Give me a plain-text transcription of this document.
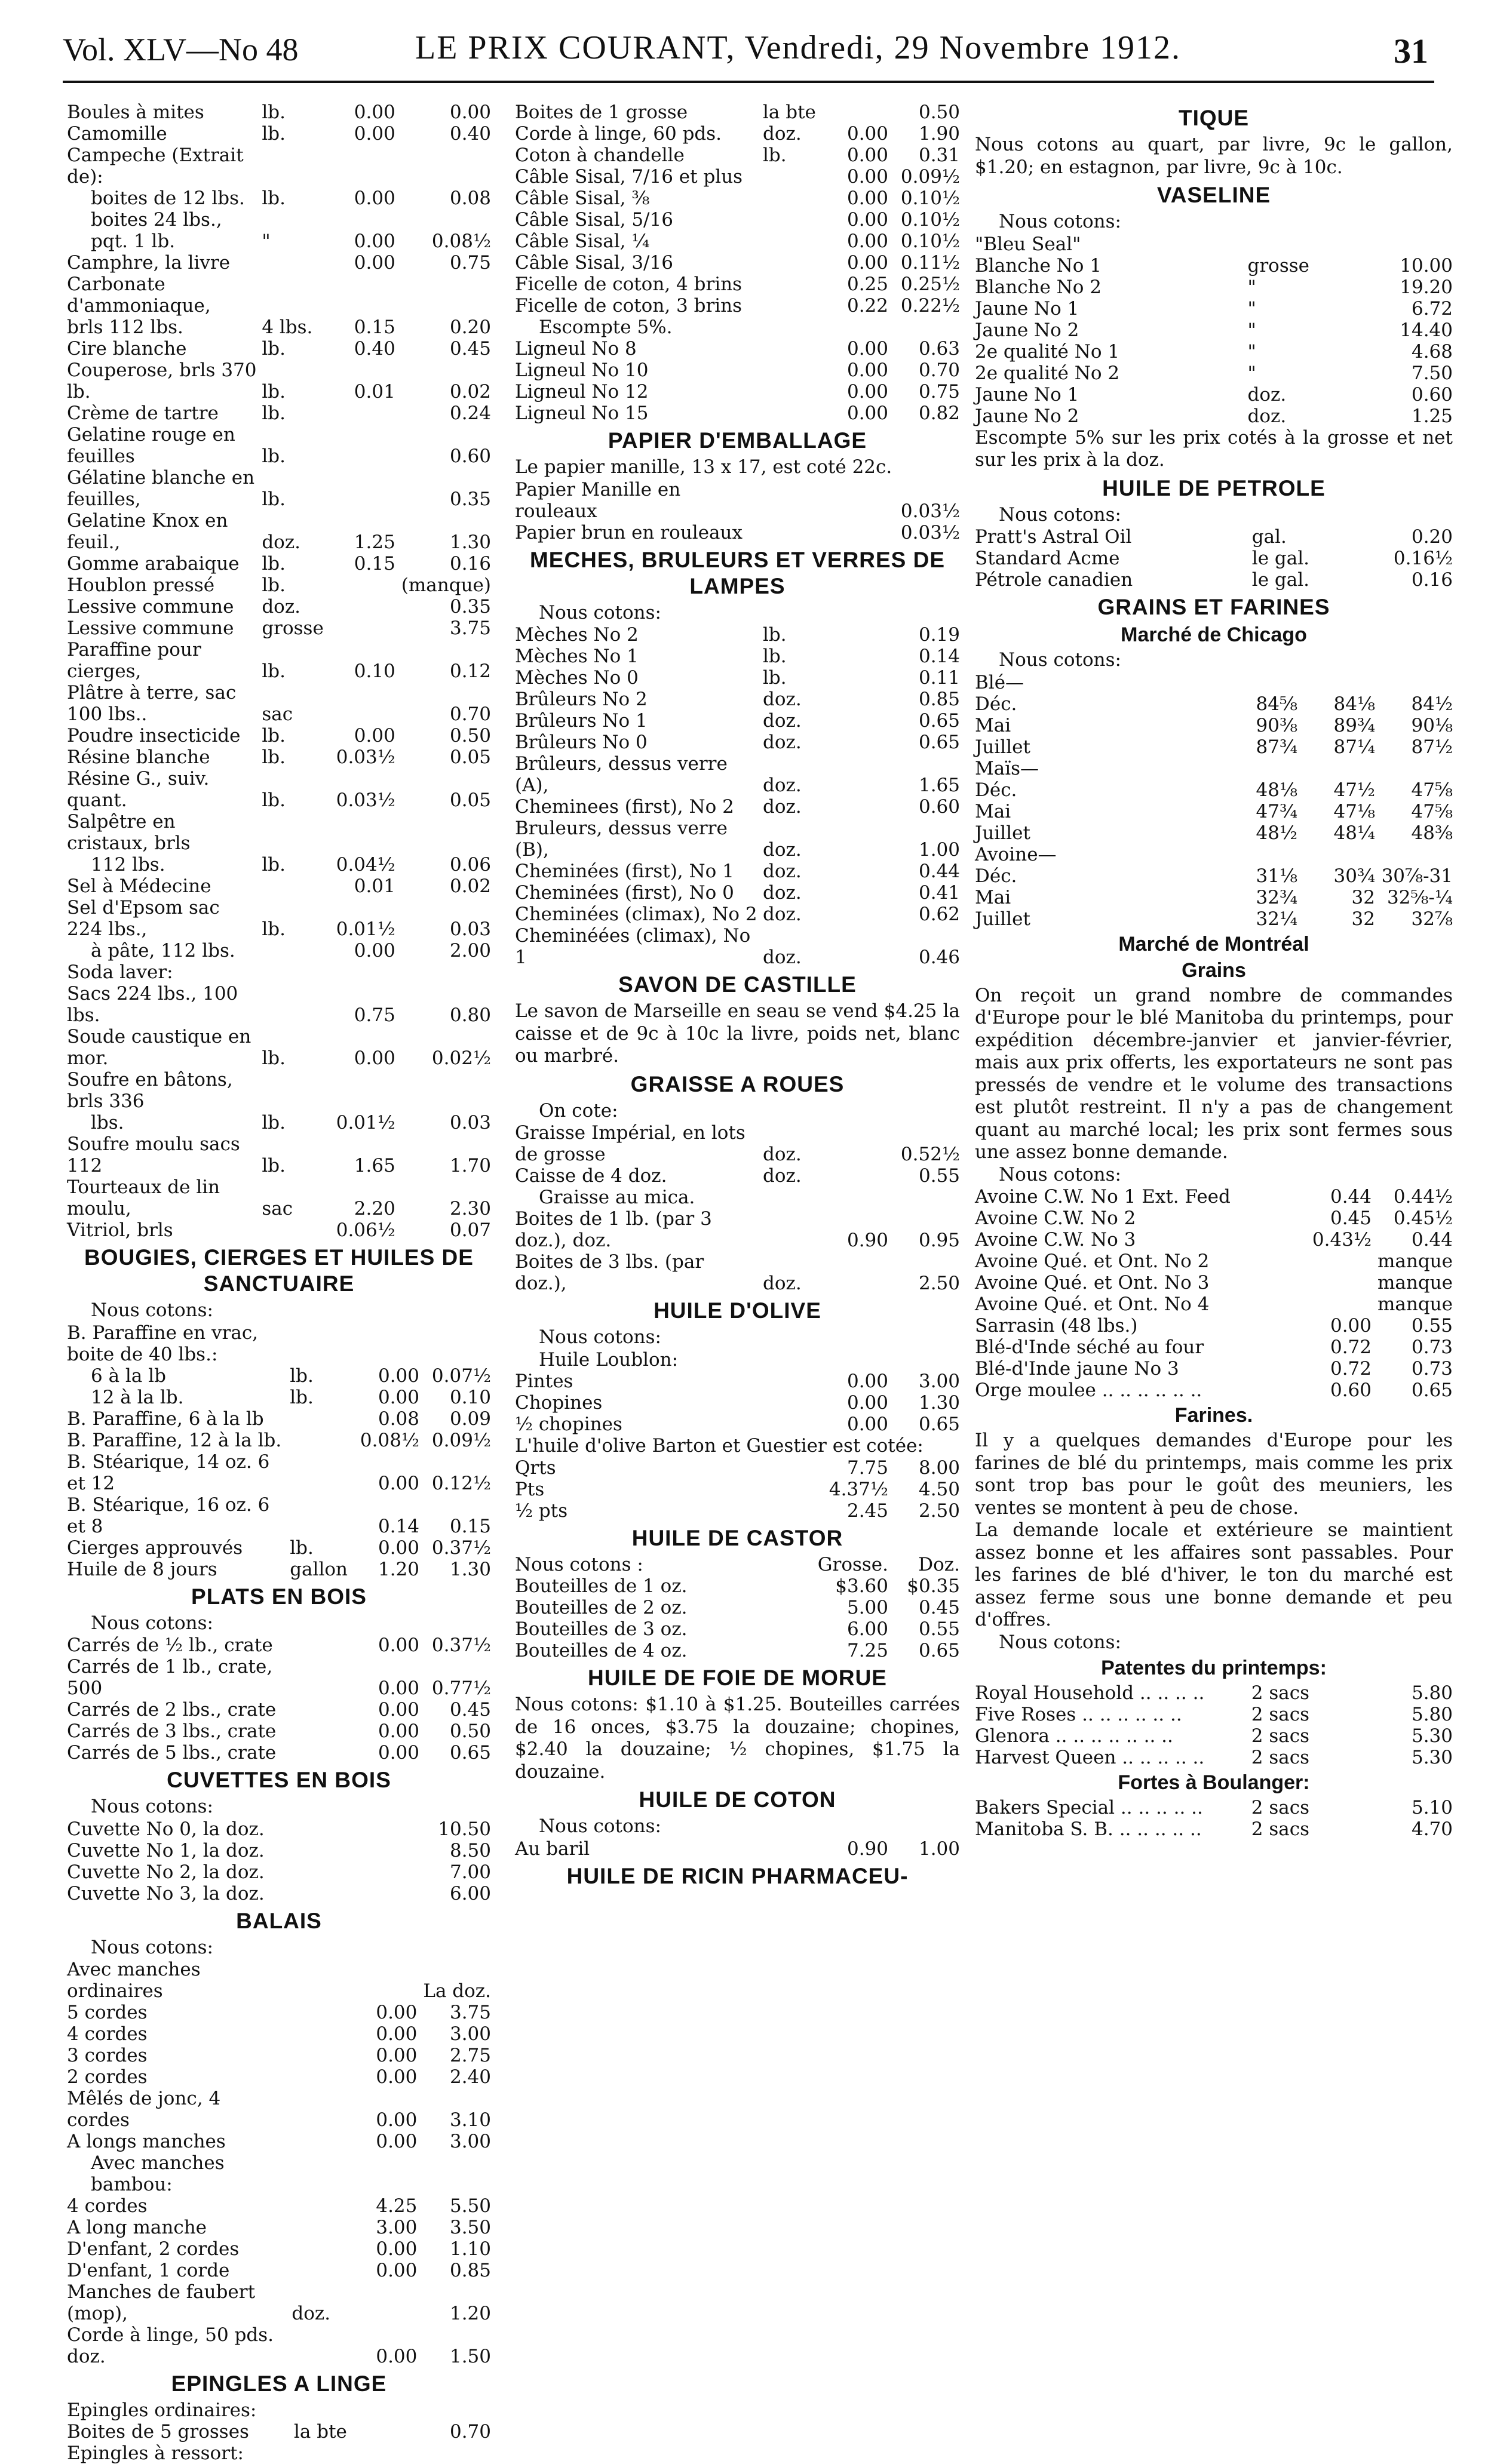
Vol. XLV—No 48	LE PRIX COURANT, Vendredi, 29 Novembre 1912.	31
Boules à mites	lb.	0.00	0.00
Camomille	lb.	0.00	0.40
Campeche (Extrait de):			
boites de 12 lbs.	lb.	0.00	0.08
boites 24 lbs., pqt. 1 lb.	"	0.00	0.08½
Camphre, la livre		0.00	0.75
Carbonate d'ammoniaque,			
brls 112 lbs.	4 lbs.	0.15	0.20
Cire blanche	lb.	0.40	0.45
Couperose, brls 370 lb.	lb.	0.01	0.02
Crème de tartre	lb.		0.24
Gelatine rouge en feuilles	lb.		0.60
Gélatine blanche en feuilles,	lb.		0.35
Gelatine Knox en feuil.,	doz.	1.25	1.30
Gomme arabaique	lb.	0.15	0.16
Houblon pressé	lb.		(manque)
Lessive commune	doz.		0.35
Lessive commune	grosse		3.75
Paraffine pour cierges,	lb.	0.10	0.12
Plâtre à terre, sac 100 lbs..	sac		0.70
Poudre insecticide	lb.	0.00	0.50
Résine blanche	lb.	0.03½	0.05
Résine G., suiv. quant.	lb.	0.03½	0.05
Salpêtre en cristaux, brls			
112 lbs.	lb.	0.04½	0.06
Sel à Médecine		0.01	0.02
Sel d'Epsom sac 224 lbs.,	lb.	0.01½	0.03
à pâte, 112 lbs.		0.00	2.00
Soda laver:			
Sacs 224 lbs., 100 lbs.		0.75	0.80
Soude caustique en mor.	lb.	0.00	0.02½
Soufre en bâtons, brls 336			
lbs.	lb.	0.01½	0.03
Soufre moulu sacs 112	lb.	1.65	1.70
Tourteaux de lin moulu,	sac	2.20	2.30
Vitriol, brls		0.06½	0.07
BOUGIES, CIERGES ET HUILES DE SANCTUAIRE
Nous cotons:
B. Paraffine en vrac, boite de 40 lbs.:			
6 à la lb	lb.	0.00	0.07½
12 à la lb.	lb.	0.00	0.10
B. Paraffine, 6 à la lb		0.08	0.09
B. Paraffine, 12 à la lb.		0.08½	0.09½
B. Stéarique, 14 oz. 6 et 12		0.00	0.12½
B. Stéarique, 16 oz. 6 et 8		0.14	0.15
Cierges approuvés	lb.	0.00	0.37½
Huile de 8 jours	gallon	1.20	1.30
PLATS EN BOIS
Nous cotons:
Carrés de ½ lb., crate		0.00	0.37½
Carrés de 1 lb., crate, 500		0.00	0.77½
Carrés de 2 lbs., crate		0.00	0.45
Carrés de 3 lbs., crate		0.00	0.50
Carrés de 5 lbs., crate		0.00	0.65
CUVETTES EN BOIS
Nous cotons:
Cuvette No 0, la doz.			10.50
Cuvette No 1, la doz.			8.50
Cuvette No 2, la doz.			7.00
Cuvette No 3, la doz.			6.00
BALAIS
Nous cotons:
Avec manches ordinaires			La doz.
5 cordes		0.00	3.75
4 cordes		0.00	3.00
3 cordes		0.00	2.75
2 cordes		0.00	2.40
Mêlés de jonc, 4 cordes		0.00	3.10
A longs manches		0.00	3.00
Avec manches bambou:			
4 cordes		4.25	5.50
A long manche		3.00	3.50
D'enfant, 2 cordes		0.00	1.10
D'enfant, 1 corde		0.00	0.85
Manches de faubert (mop),	doz.		1.20
Corde à linge, 50 pds. doz.		0.00	1.50
EPINGLES A LINGE
Epingles ordinaires:			
Boites de 5 grosses	la bte		0.70
Epingles à ressort:			
Boites de 1 grosse	la bte		0.50
Corde à linge, 60 pds.	doz.	0.00	1.90
Coton à chandelle	lb.	0.00	0.31
Câble Sisal, 7/16 et plus		0.00	0.09½
Câble Sisal, ⅜		0.00	0.10½
Câble Sisal, 5/16		0.00	0.10½
Câble Sisal, ¼		0.00	0.10½
Câble Sisal, 3/16		0.00	0.11½
Ficelle de coton, 4 brins		0.25	0.25½
Ficelle de coton, 3 brins		0.22	0.22½
Escompte 5%.			
Ligneul No 8		0.00	0.63
Ligneul No 10		0.00	0.70
Ligneul No 12		0.00	0.75
Ligneul No 15		0.00	0.82
PAPIER D'EMBALLAGE
Le papier manille, 13 x 17, est coté 22c.
Papier Manille en rouleaux			0.03½
Papier brun en rouleaux			0.03½
MECHES, BRULEURS ET VERRES DE LAMPES
Nous cotons:
Mèches No 2	lb.		0.19
Mèches No 1	lb.		0.14
Mèches No 0	lb.		0.11
Brûleurs No 2	doz.		0.85
Brûleurs No 1	doz.		0.65
Brûleurs No 0	doz.		0.65
Brûleurs, dessus verre (A),	doz.		1.65
Cheminees (first), No 2	doz.		0.60
Bruleurs, dessus verre (B),	doz.		1.00
Cheminées (first), No 1	doz.		0.44
Cheminées (first), No 0	doz.		0.41
Cheminées (climax), No 2	doz.		0.62
Cheminéées (climax), No 1	doz.		0.46
SAVON DE CASTILLE
Le savon de Marseille en seau se vend $4.25 la caisse et de 9c à 10c la livre, poids net, blanc ou marbré.
GRAISSE A ROUES
On cote:
Graisse Impérial, en lots de grosse	doz.		0.52½
Caisse de 4 doz.	doz.		0.55
Graisse au mica.			
Boites de 1 lb. (par 3 doz.), doz.		0.90	0.95
Boites de 3 lbs. (par doz.),	doz.		2.50
HUILE D'OLIVE
Nous cotons:
Huile Loublon:			
Pintes		0.00	3.00
Chopines		0.00	1.30
½ chopines		0.00	0.65
L'huile d'olive Barton et Guestier est cotée:
Qrts		7.75	8.00
Pts		4.37½	4.50
½ pts		2.45	2.50
HUILE DE CASTOR
Nous cotons :		Grosse.	Doz.
Bouteilles de 1 oz.		$3.60	$0.35
Bouteilles de 2 oz.		5.00	0.45
Bouteilles de 3 oz.		6.00	0.55
Bouteilles de 4 oz.		7.25	0.65
HUILE DE FOIE DE MORUE
Nous cotons: $1.10 à $1.25. Bouteilles carrées de 16 onces, $3.75 la douzaine; chopines, $2.40 la douzaine; ½ chopines, $1.75 la douzaine.
HUILE DE COTON
Nous cotons:
Au baril		0.90	1.00
HUILE DE RICIN PHARMACEU-
TIQUE
Nous cotons au quart, par livre, 9c le gallon, $1.20; en estagnon, par livre, 9c à 10c.
VASELINE
Nous cotons:
"Bleu Seal"			
Blanche No 1	grosse		10.00
Blanche No 2	"		19.20
Jaune No 1	"		6.72
Jaune No 2	"		14.40
2e qualité No 1	"		4.68
2e qualité No 2	"		7.50
Jaune No 1	doz.		0.60
Jaune No 2	doz.		1.25
Escompte 5% sur les prix cotés à la grosse et net sur les prix à la doz.
HUILE DE PETROLE
Nous cotons:
Pratt's Astral Oil	gal.		0.20
Standard Acme	le gal.		0.16½
Pétrole canadien	le gal.		0.16
GRAINS ET FARINES
Marché de Chicago
Nous cotons:
Blé—			
Déc.	84⅝	84⅛	84½
Mai	90⅜	89¾	90⅛
Juillet	87¾	87¼	87½
Maïs—			
Déc.	48⅛	47½	47⅝
Mai	47¾	47⅛	47⅝
Juillet	48½	48¼	48⅜
Avoine—			
Déc.	31⅛	30¾	30⅞-31
Mai	32¾	32	32⅝-¼
Juillet	32¼	32	32⅞
Marché de Montréal
Grains
On reçoit un grand nombre de commandes d'Europe pour le blé Manitoba du printemps, pour expédition décembre-janvier et janvier-février, mais aux prix offerts, les exportateurs ne sont pas pressés de vendre et le volume des transactions est plutôt restreint. Il n'y a pas de changement quant au marché local; les prix sont fermes sous une assez bonne demande.
Nous cotons:
Avoine C.W. No 1 Ext. Feed		0.44	0.44½
Avoine C.W. No 2		0.45	0.45½
Avoine C.W. No 3		0.43½	0.44
Avoine Qué. et Ont. No 2			manque
Avoine Qué. et Ont. No 3			manque
Avoine Qué. et Ont. No 4			manque
Sarrasin (48 lbs.)		0.00	0.55
Blé-d'Inde séché au four		0.72	0.73
Blé-d'Inde jaune No 3		0.72	0.73
Orge moulee .. .. .. .. .. ..		0.60	0.65
Farines.
Il y a quelques demandes d'Europe pour les farines de blé du printemps, mais comme les prix sont trop bas pour le goût des meuniers, les ventes se montent à peu de chose.
La demande locale et extérieure se maintient assez bonne et les affaires sont passables. Pour les farines de blé d'hiver, le ton du marché est assez ferme sous une bonne demande et peu d'offres.
Nous cotons:
Patentes du printemps:
Royal Household .. .. .. ..	2 sacs		5.80
Five Roses .. .. .. .. .. ..	2 sacs		5.80
Glenora .. .. .. .. .. .. ..	2 sacs		5.30
Harvest Queen .. .. .. .. ..	2 sacs		5.30
Fortes à Boulanger:
Bakers Special .. .. .. .. ..	2 sacs		5.10
Manitoba S. B. .. .. .. .. ..	2 sacs		4.70
